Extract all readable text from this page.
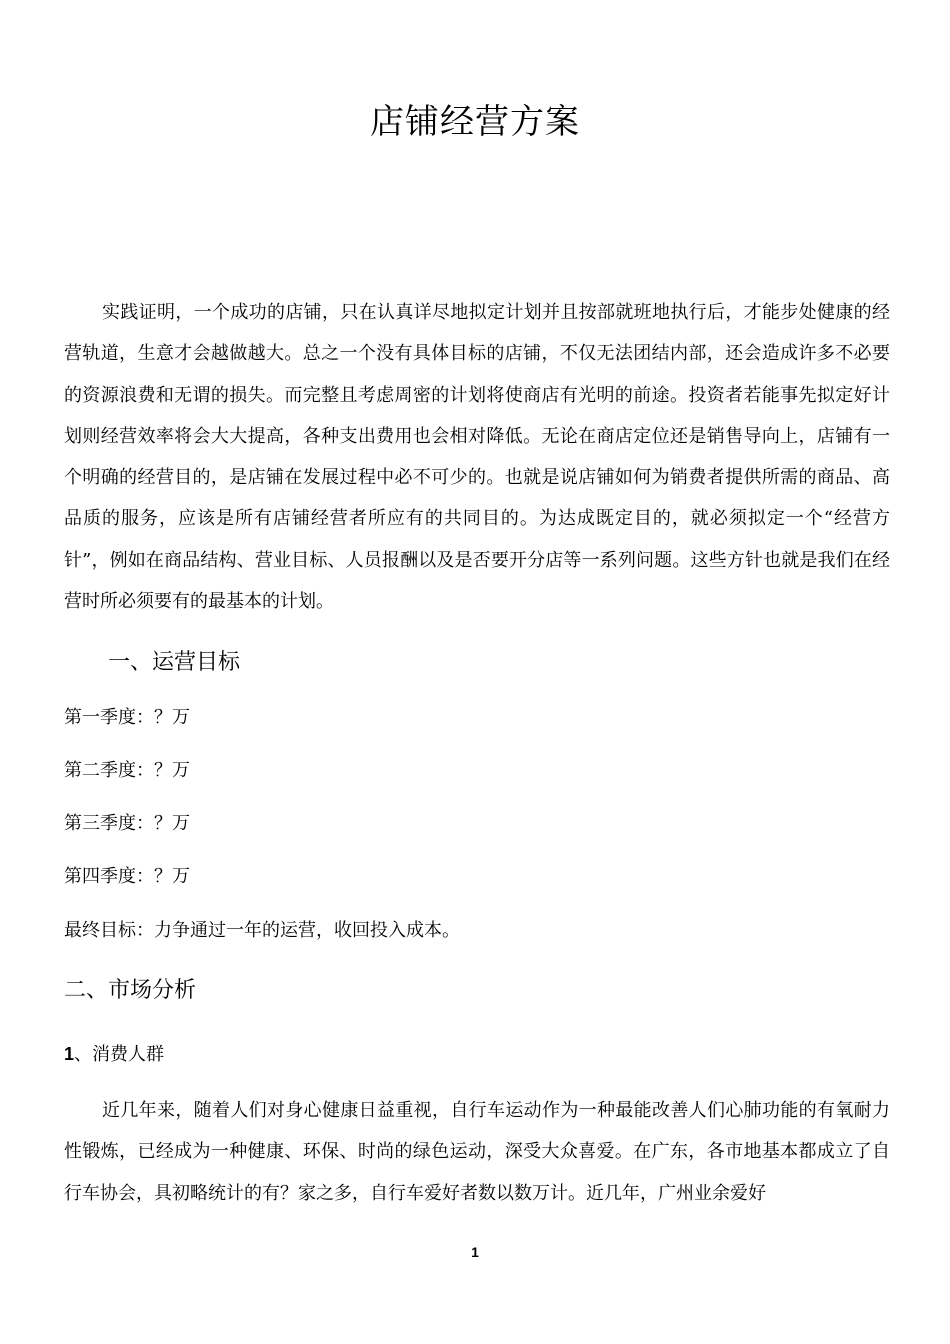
店铺经营方案

实践证明，一个成功的店铺，只在认真详尽地拟定计划并且按部就班地执行后，才能步处健康的经营轨道，生意才会越做越大。总之一个没有具体目标的店铺，不仅无法团结内部，还会造成许多不必要的资源浪费和无谓的损失。而完整且考虑周密的计划将使商店有光明的前途。投资者若能事先拟定好计划则经营效率将会大大提高，各种支出费用也会相对降低。无论在商店定位还是销售导向上，店铺有一个明确的经营目的，是店铺在发展过程中必不可少的。也就是说店铺如何为销费者提供所需的商品、高品质的服务，应该是所有店铺经营者所应有的共同目的。为达成既定目的，就必须拟定一个“经营方针”，例如在商品结构、营业目标、人员报酬以及是否要开分店等一系列问题。这些方针也就是我们在经营时所必须要有的最基本的计划。

一、运营目标
第一季度：？万
第二季度：？万
第三季度：？万
第四季度：？万
最终目标：力争通过一年的运营，收回投入成本。
二、市场分析
1、消费人群

近几年来，随着人们对身心健康日益重视，自行车运动作为一种最能改善人们心肺功能的有氧耐力性锻炼，已经成为一种健康、环保、时尚的绿色运动，深受大众喜爱。在广东，各市地基本都成立了自行车协会，具初略统计的有？家之多，自行车爱好者数以数万计。近几年，广州业余爱好

1
